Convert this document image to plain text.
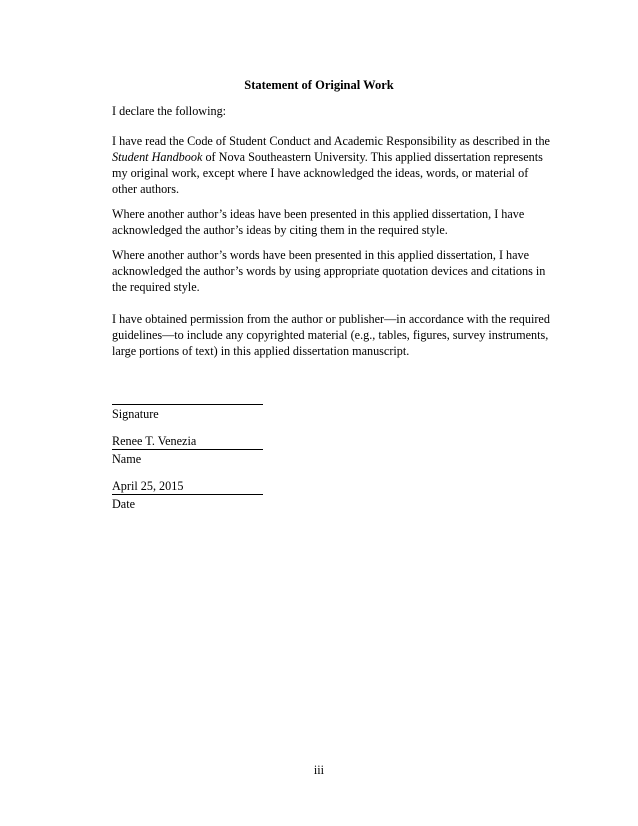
Statement of Original Work
I declare the following:
I have read the Code of Student Conduct and Academic Responsibility as described in the
Student Handbook of Nova Southeastern University. This applied dissertation represents
my original work, except where I have acknowledged the ideas, words, or material of
other authors.
Where another author’s ideas have been presented in this applied dissertation, I have
acknowledged the author’s ideas by citing them in the required style.
Where another author’s words have been presented in this applied dissertation, I have
acknowledged the author’s words by using appropriate quotation devices and citations in
the required style.
I have obtained permission from the author or publisher—in accordance with the required
guidelines—to include any copyrighted material (e.g., tables, figures, survey instruments,
large portions of text) in this applied dissertation manuscript.
Signature
Renee T. Venezia
Name
April 25, 2015
Date
iii
